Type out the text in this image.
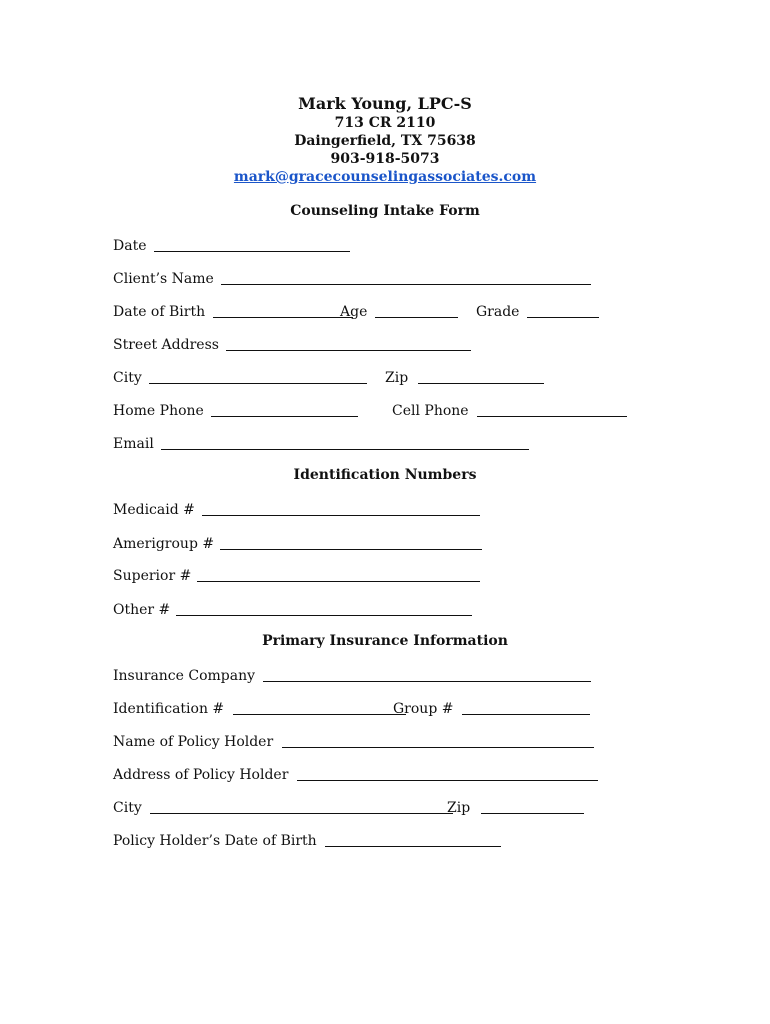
Mark Young, LPC-S
713 CR 2110
Daingerfield, TX 75638
903-918-5073
mark@gracecounselingassociates.com
Counseling Intake Form
Date
Client’s Name
Date of Birth	Age	Grade
Street Address
City	Zip
Home Phone	Cell Phone
Email
Identification Numbers
Medicaid #
Amerigroup #
Superior #
Other #
Primary Insurance Information
Insurance Company
Identification #	Group #
Name of Policy Holder
Address of Policy Holder
City	Zip
Policy Holder’s Date of Birth
